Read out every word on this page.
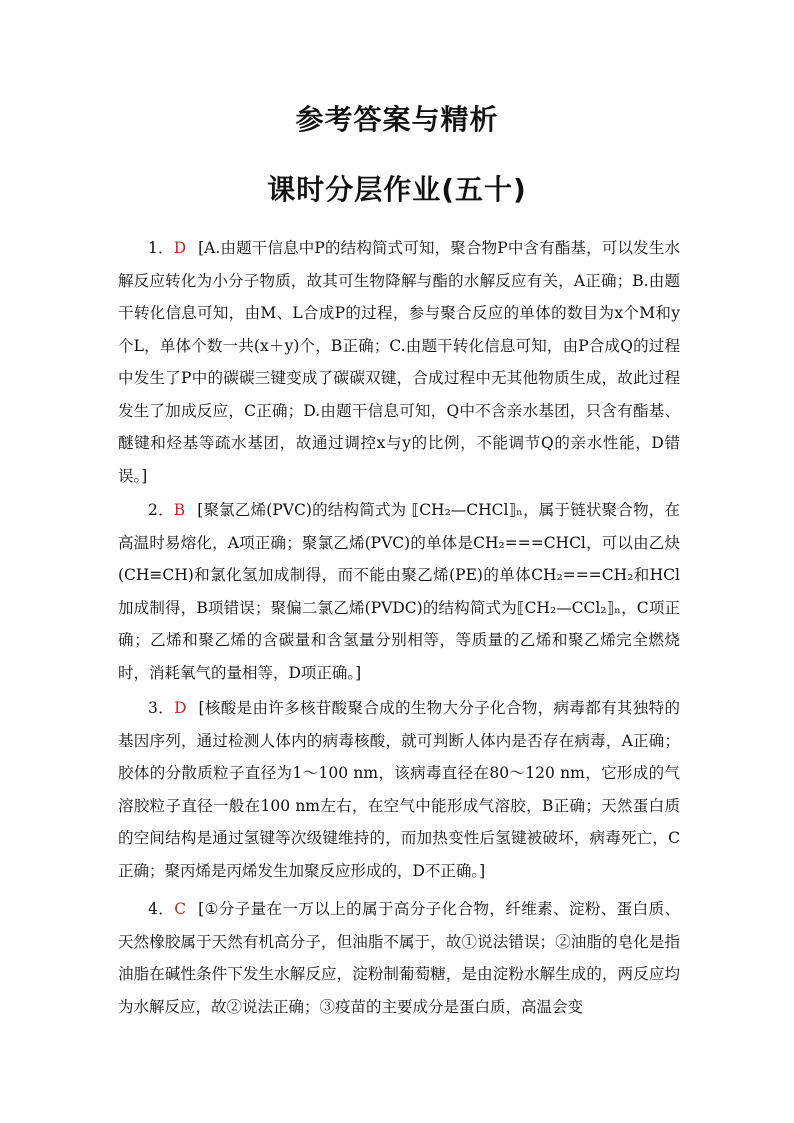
参考答案与精析
课时分层作业(五十)

1．D [A.由题干信息中P的结构简式可知，聚合物P中含有酯基，可以发生水解反应转化为小分子物质，故其可生物降解与酯的水解反应有关，A正确；B.由题干转化信息可知，由M、L合成P的过程，参与聚合反应的单体的数目为x个M和y个L，单体个数一共(x＋y)个，B正确；C.由题干转化信息可知，由P合成Q的过程中发生了P中的碳碳三键变成了碳碳双键，合成过程中无其他物质生成，故此过程发生了加成反应，C正确；D.由题干信息可知，Q中不含亲水基团，只含有酯基、醚键和烃基等疏水基团，故通过调控x与y的比例，不能调节Q的亲水性能，D错误。]

2．B [聚氯乙烯(PVC)的结构简式为 ⟦CH₂—CHCl⟧ₙ，属于链状聚合物，在高温时易熔化，A项正确；聚氯乙烯(PVC)的单体是CH₂===CHCl，可以由乙炔(CH≡CH)和氯化氢加成制得，而不能由聚乙烯(PE)的单体CH₂===CH₂和HCl加成制得，B项错误；聚偏二氯乙烯(PVDC)的结构简式为⟦CH₂—CCl₂⟧ₙ，C项正确；乙烯和聚乙烯的含碳量和含氢量分别相等，等质量的乙烯和聚乙烯完全燃烧时，消耗氧气的量相等，D项正确。]

3．D [核酸是由许多核苷酸聚合成的生物大分子化合物，病毒都有其独特的基因序列，通过检测人体内的病毒核酸，就可判断人体内是否存在病毒，A正确；胶体的分散质粒子直径为1～100 nm，该病毒直径在80～120 nm，它形成的气溶胶粒子直径一般在100 nm左右，在空气中能形成气溶胶，B正确；天然蛋白质的空间结构是通过氢键等次级键维持的，而加热变性后氢键被破坏，病毒死亡，C正确；聚丙烯是丙烯发生加聚反应形成的，D不正确。]

4．C [①分子量在一万以上的属于高分子化合物，纤维素、淀粉、蛋白质、天然橡胶属于天然有机高分子，但油脂不属于，故①说法错误；②油脂的皂化是指油脂在碱性条件下发生水解反应，淀粉制葡萄糖，是由淀粉水解生成的，两反应均为水解反应，故②说法正确；③疫苗的主要成分是蛋白质，高温会变
